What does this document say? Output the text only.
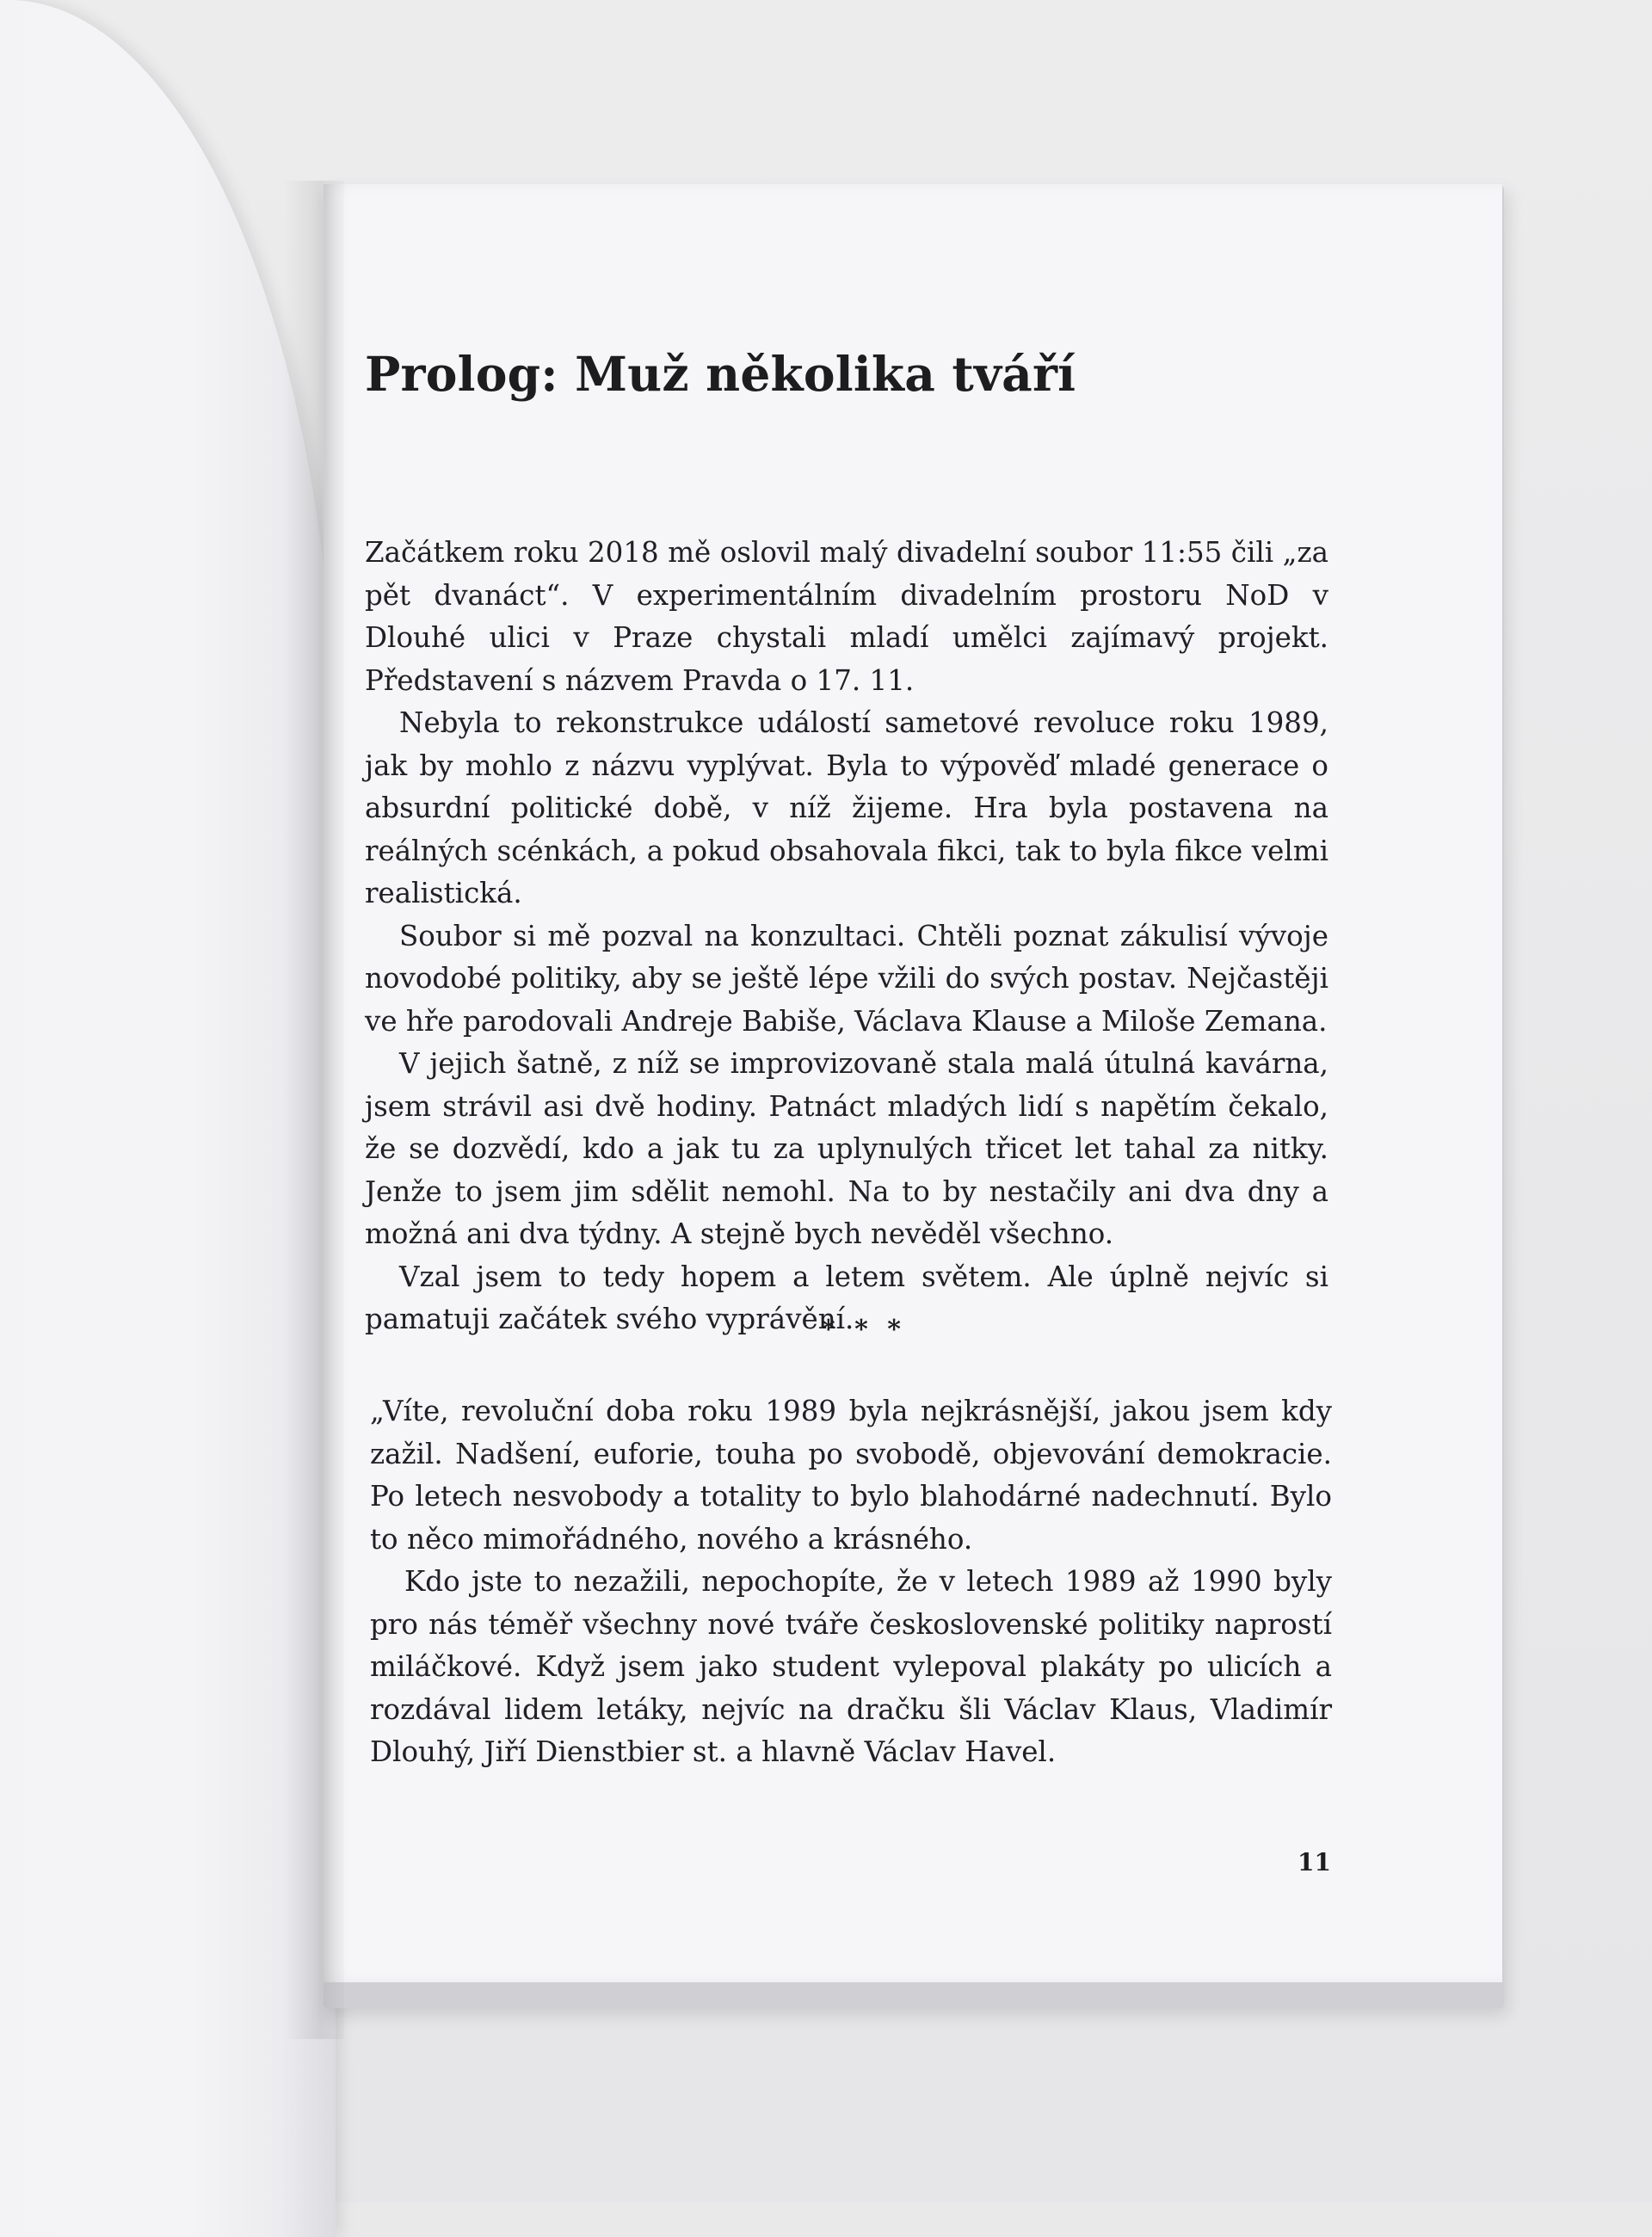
Prolog: Muž několika tváří

Začátkem roku 2018 mě oslovil malý divadelní soubor 11:55 čili „za pět dvanáct“. V experimentálním divadelním prostoru NoD v Dlouhé ulici v Praze chystali mladí umělci zajímavý projekt. Představení s názvem Pravda o 17. 11.

Nebyla to rekonstrukce událostí sametové revoluce roku 1989, jak by mohlo z názvu vyplývat. Byla to výpověď mladé generace o absurdní politické době, v níž žijeme. Hra byla postavena na reálných scénkách, a pokud obsahovala fikci, tak to byla fikce velmi realistická.

Soubor si mě pozval na konzultaci. Chtěli poznat zákulisí vývoje novodobé politiky, aby se ještě lépe vžili do svých postav. Nejčastěji ve hře parodovali Andreje Babiše, Václava Klause a Miloše Zemana.

V jejich šatně, z níž se improvizovaně stala malá útulná kavárna, jsem strávil asi dvě hodiny. Patnáct mladých lidí s napětím čekalo, že se dozvědí, kdo a jak tu za uplynulých třicet let tahal za nitky. Jenže to jsem jim sdělit nemohl. Na to by nestačily ani dva dny a možná ani dva týdny. A stejně bych nevěděl všechno.

Vzal jsem to tedy hopem a letem světem. Ale úplně nejvíc si pamatuji začátek svého vyprávění.

* * *

„Víte, revoluční doba roku 1989 byla nejkrásnější, jakou jsem kdy zažil. Nadšení, euforie, touha po svobodě, objevování demokracie. Po letech nesvobody a totality to bylo blahodárné nadechnutí. Bylo to něco mimořádného, nového a krásného.

Kdo jste to nezažili, nepochopíte, že v letech 1989 až 1990 byly pro nás téměř všechny nové tváře československé politiky naprostí miláčkové. Když jsem jako student vylepoval plakáty po ulicích a rozdával lidem letáky, nejvíc na dračku šli Václav Klaus, Vladimír Dlouhý, Jiří Dienstbier st. a hlavně Václav Havel.

11
